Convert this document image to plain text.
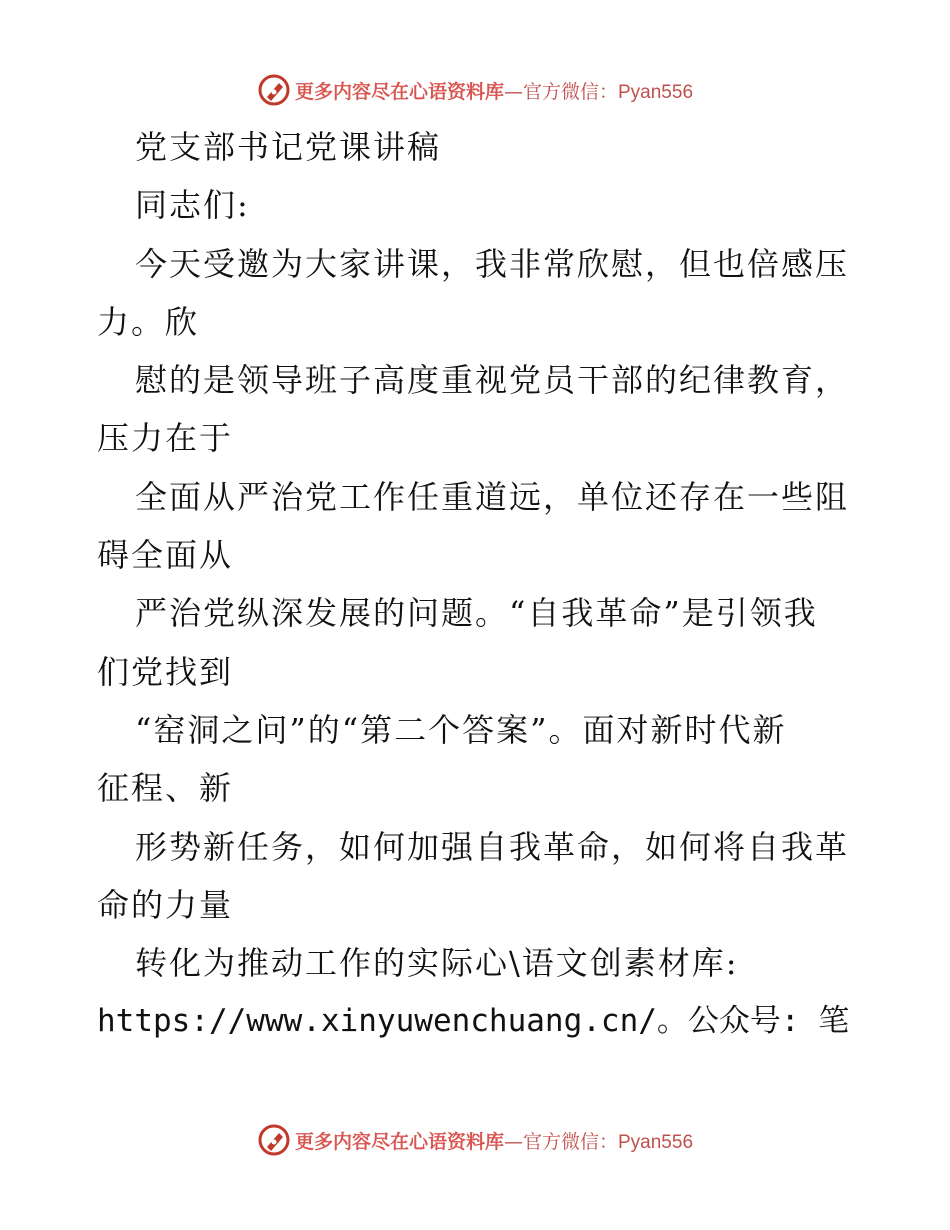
更多内容尽在心语资料库—官方微信：Pyan556
党支部书记党课讲稿
同志们:
今天受邀为大家讲课，我非常欣慰，但也倍感压
力。欣
慰的是领导班子高度重视党员干部的纪律教育，
压力在于
全面从严治党工作任重道远，单位还存在一些阻
碍全面从
严治党纵深发展的问题。“自我革命”是引领我
们党找到
“窑洞之问”的“第二个答案”。面对新时代新
征程、新
形势新任务，如何加强自我革命，如何将自我革
命的力量
转化为推动工作的实际心\语文创素材库:
https://www.xinyuwenchuang.cn/。公众号: 笔
更多内容尽在心语资料库—官方微信：Pyan556
